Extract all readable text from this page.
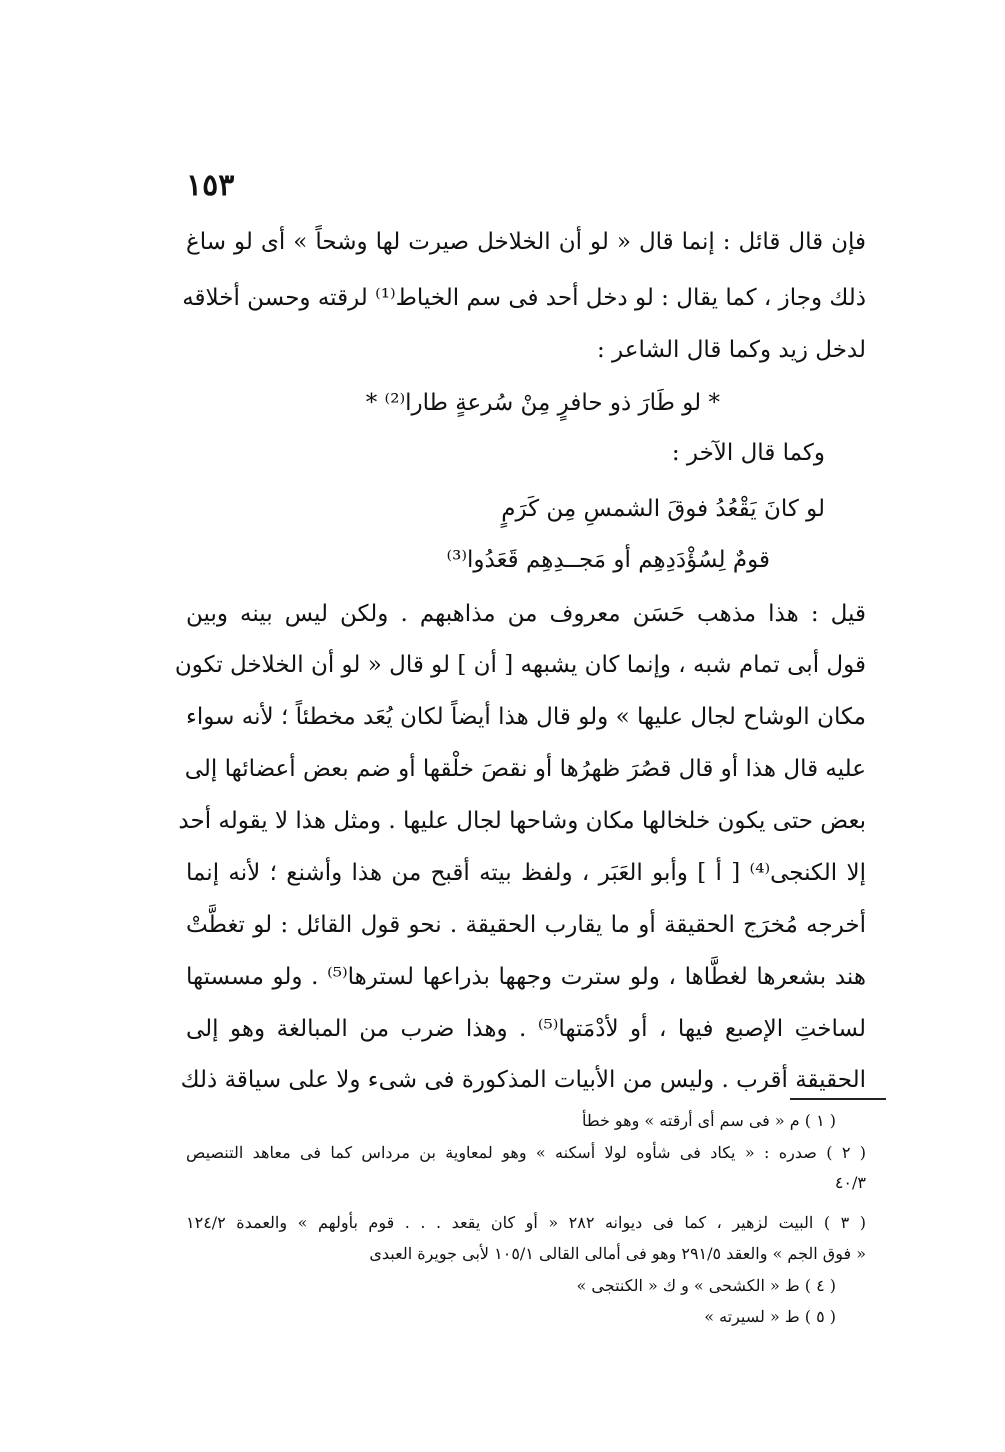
١٥٣
فإن قال قائل : إنما قال « لو أن الخلاخل صيرت لها وشحاً » أى لو ساغ
ذلك وجاز ، كما يقال : لو دخل أحد فى سم الخياط⁽¹⁾ لرقته وحسن أخلاقه
لدخل زيد وكما قال الشاعر :
* لو طَارَ ذو حافرٍ مِنْ سُرعةٍ طارا⁽²⁾ *
وكما قال الآخر :
لو كانَ يَقْعُدُ فوقَ الشمسِ مِن كَرَمٍ
قومٌ لِسُؤْدَدِهِم أو مَجــدِهِم قَعَدُوا⁽³⁾
قيل : هذا مذهب حَسَن معروف من مذاهبهم . ولكن ليس بينه وبين
قول أبى تمام شبه ، وإنما كان يشبهه [ أن ] لو قال « لو أن الخلاخل تكون
مكان الوشاح لجال عليها » ولو قال هذا أيضاً لكان يُعَد مخطئاً ؛ لأنه سواء
عليه قال هذا أو قال قصُرَ ظهرُها أو نقصَ خلْقها أو ضم بعض أعضائها إلى
بعض حتى يكون خلخالها مكان وشاحها لجال عليها . ومثل هذا لا يقوله أحد
إلا الكنجى⁽⁴⁾ [ أ ] وأبو العَبَر ، ولفظ بيته أقبح من هذا وأشنع ؛ لأنه إنما
أخرجه مُخرَج الحقيقة أو ما يقارب الحقيقة . نحو قول القائل : لو تغطَّتْ
هند بشعرها لغطَّاها ، ولو سترت وجهها بذراعها لسترها⁽⁵⁾ . ولو مسستها
لساختِ الإصبع فيها ، أو لأدْمَتها⁽⁵⁾ . وهذا ضرب من المبالغة وهو إلى
الحقيقة أقرب . وليس من الأبيات المذكورة فى شىء ولا على سياقة ذلك
( ١ ) م « فى سم أى أرقته » وهو خطأ
( ٢ ) صدره : « يكاد فى شأوه لولا أسكنه » وهو لمعاوية بن مرداس كما فى معاهد التنصيص
٤٠/٣
( ٣ ) البيت لزهير ، كما فى ديوانه ٢٨٢ « أو كان يقعد . . . قوم بأولهم » والعمدة ١٢٤/٢
« فوق الجم » والعقد ٢٩١/٥ وهو فى أمالى القالى ١٠٥/١ لأبى جويرة العبدى
( ٤ ) ط « الكشحى » و ك « الكنتجى »
( ٥ ) ط « لسيرته »
